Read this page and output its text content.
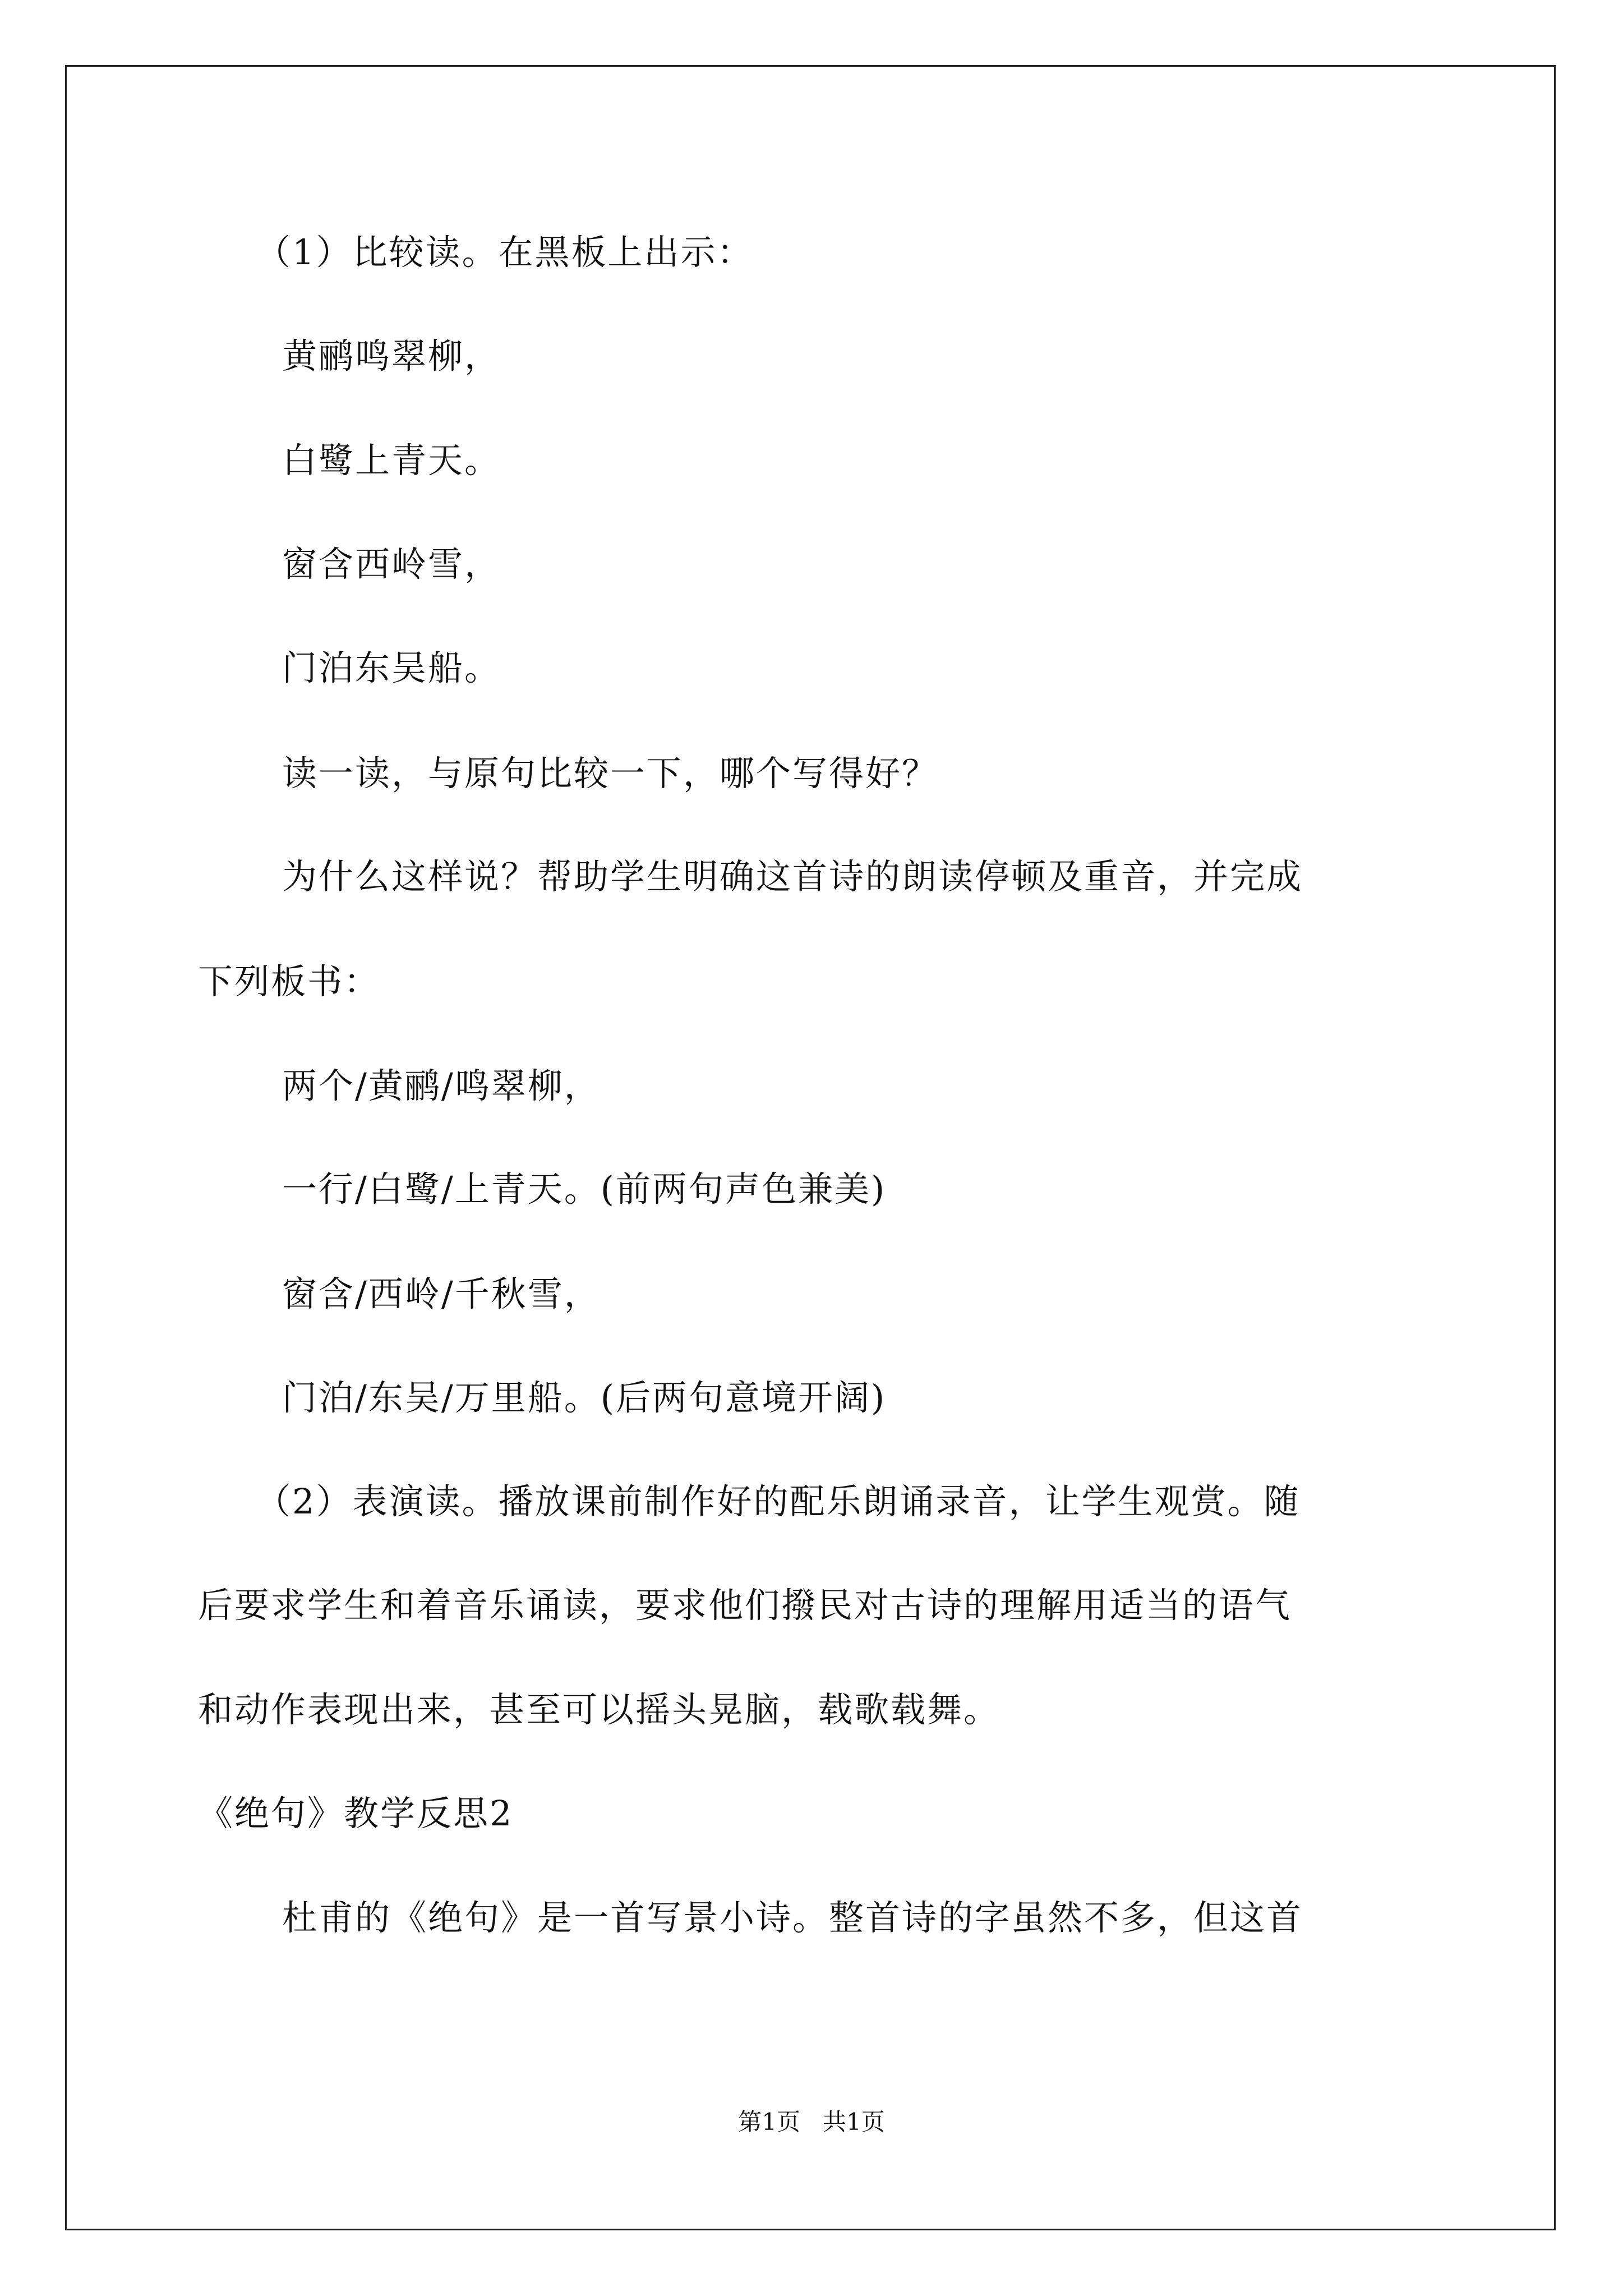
（1）比较读。在黑板上出示：
黄鹂鸣翠柳，
白鹭上青天。
窗含西岭雪，
门泊东吴船。
读一读，与原句比较一下，哪个写得好？
为什么这样说？帮助学生明确这首诗的朗读停顿及重音，并完成
下列板书：
两个/黄鹂/鸣翠柳，
一行/白鹭/上青天。(前两句声色兼美)
窗含/西岭/千秋雪，
门泊/东吴/万里船。(后两句意境开阔)
（2）表演读。播放课前制作好的配乐朗诵录音，让学生观赏。随
后要求学生和着音乐诵读，要求他们撥民对古诗的理解用适当的语气
和动作表现出来，甚至可以摇头晃脑，载歌载舞。
《绝句》教学反思2
杜甫的《绝句》是一首写景小诗。整首诗的字虽然不多，但这首
第1页 共1页
